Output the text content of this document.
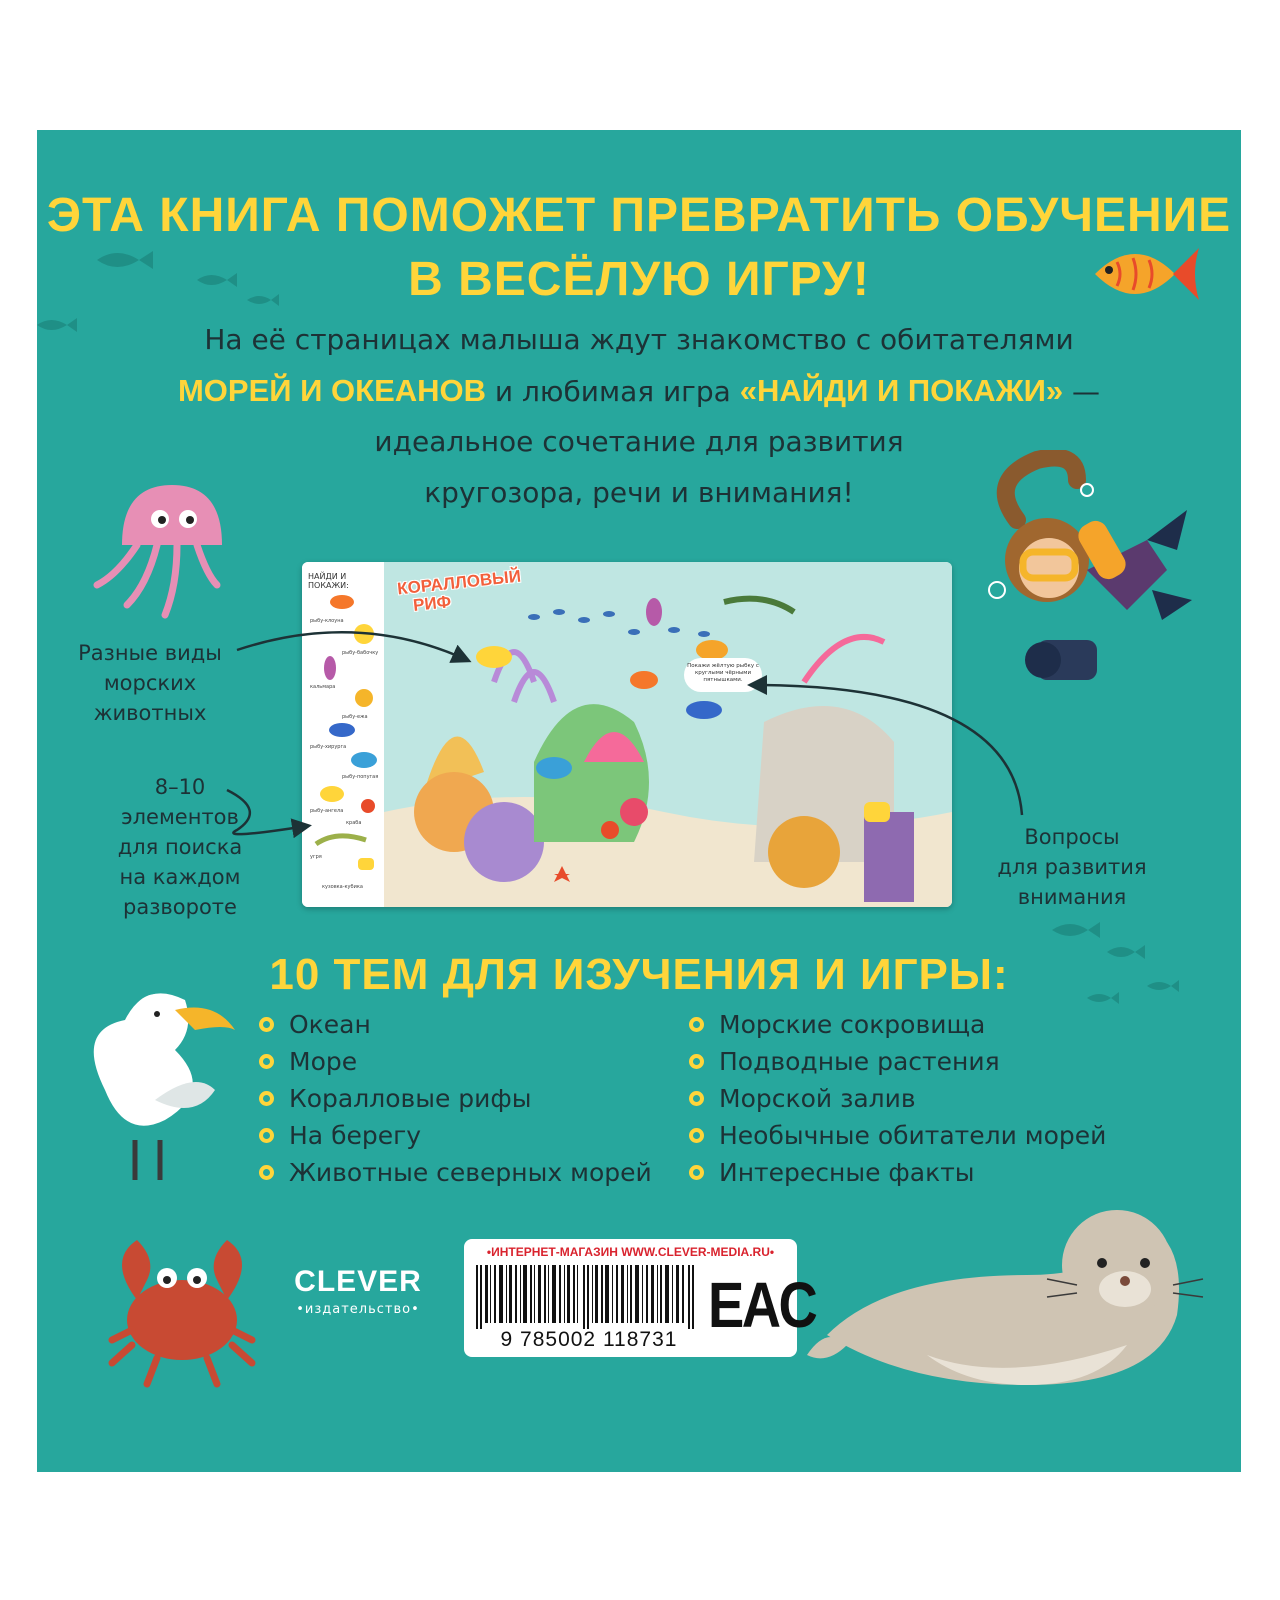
ЭТА КНИГА ПОМОЖЕТ ПРЕВРАТИТЬ ОБУЧЕНИЕ
В ВЕСЁЛУЮ ИГРУ!
На её страницах малыша ждут знакомство с обитателями
МОРЕЙ И ОКЕАНОВ и любимая игра «НАЙДИ И ПОКАЖИ» —
идеальное сочетание для развития
кругозора, речи и внимания!
Разные виды
морских
животных
8–10
элементов
для поиска
на каждом
развороте
Вопросы
для развития
внимания
НАЙДИ И ПОКАЖИ:
рыбу-клоуна
рыбу-бабочку
кальмара
рыбу-ежа
рыбу-хирурга
рыбу-попугая
рыбу-ангела
краба
угря
кузовка-кубика
КОРАЛЛОВЫЙ
РИФ
Покажи жёлтую рыбку с круглыми чёрными пятнышками.
10 ТЕМ ДЛЯ ИЗУЧЕНИЯ И ИГРЫ:
Океан
Море
Коралловые рифы
На берегу
Животные северных морей
Морские сокровища
Подводные растения
Морской залив
Необычные обитатели морей
Интересные факты
CLEVER
•издательство•
•ИНТЕРНЕТ-МАГАЗИН WWW.CLEVER-MEDIA.RU•
9 785002 118731 EAC
